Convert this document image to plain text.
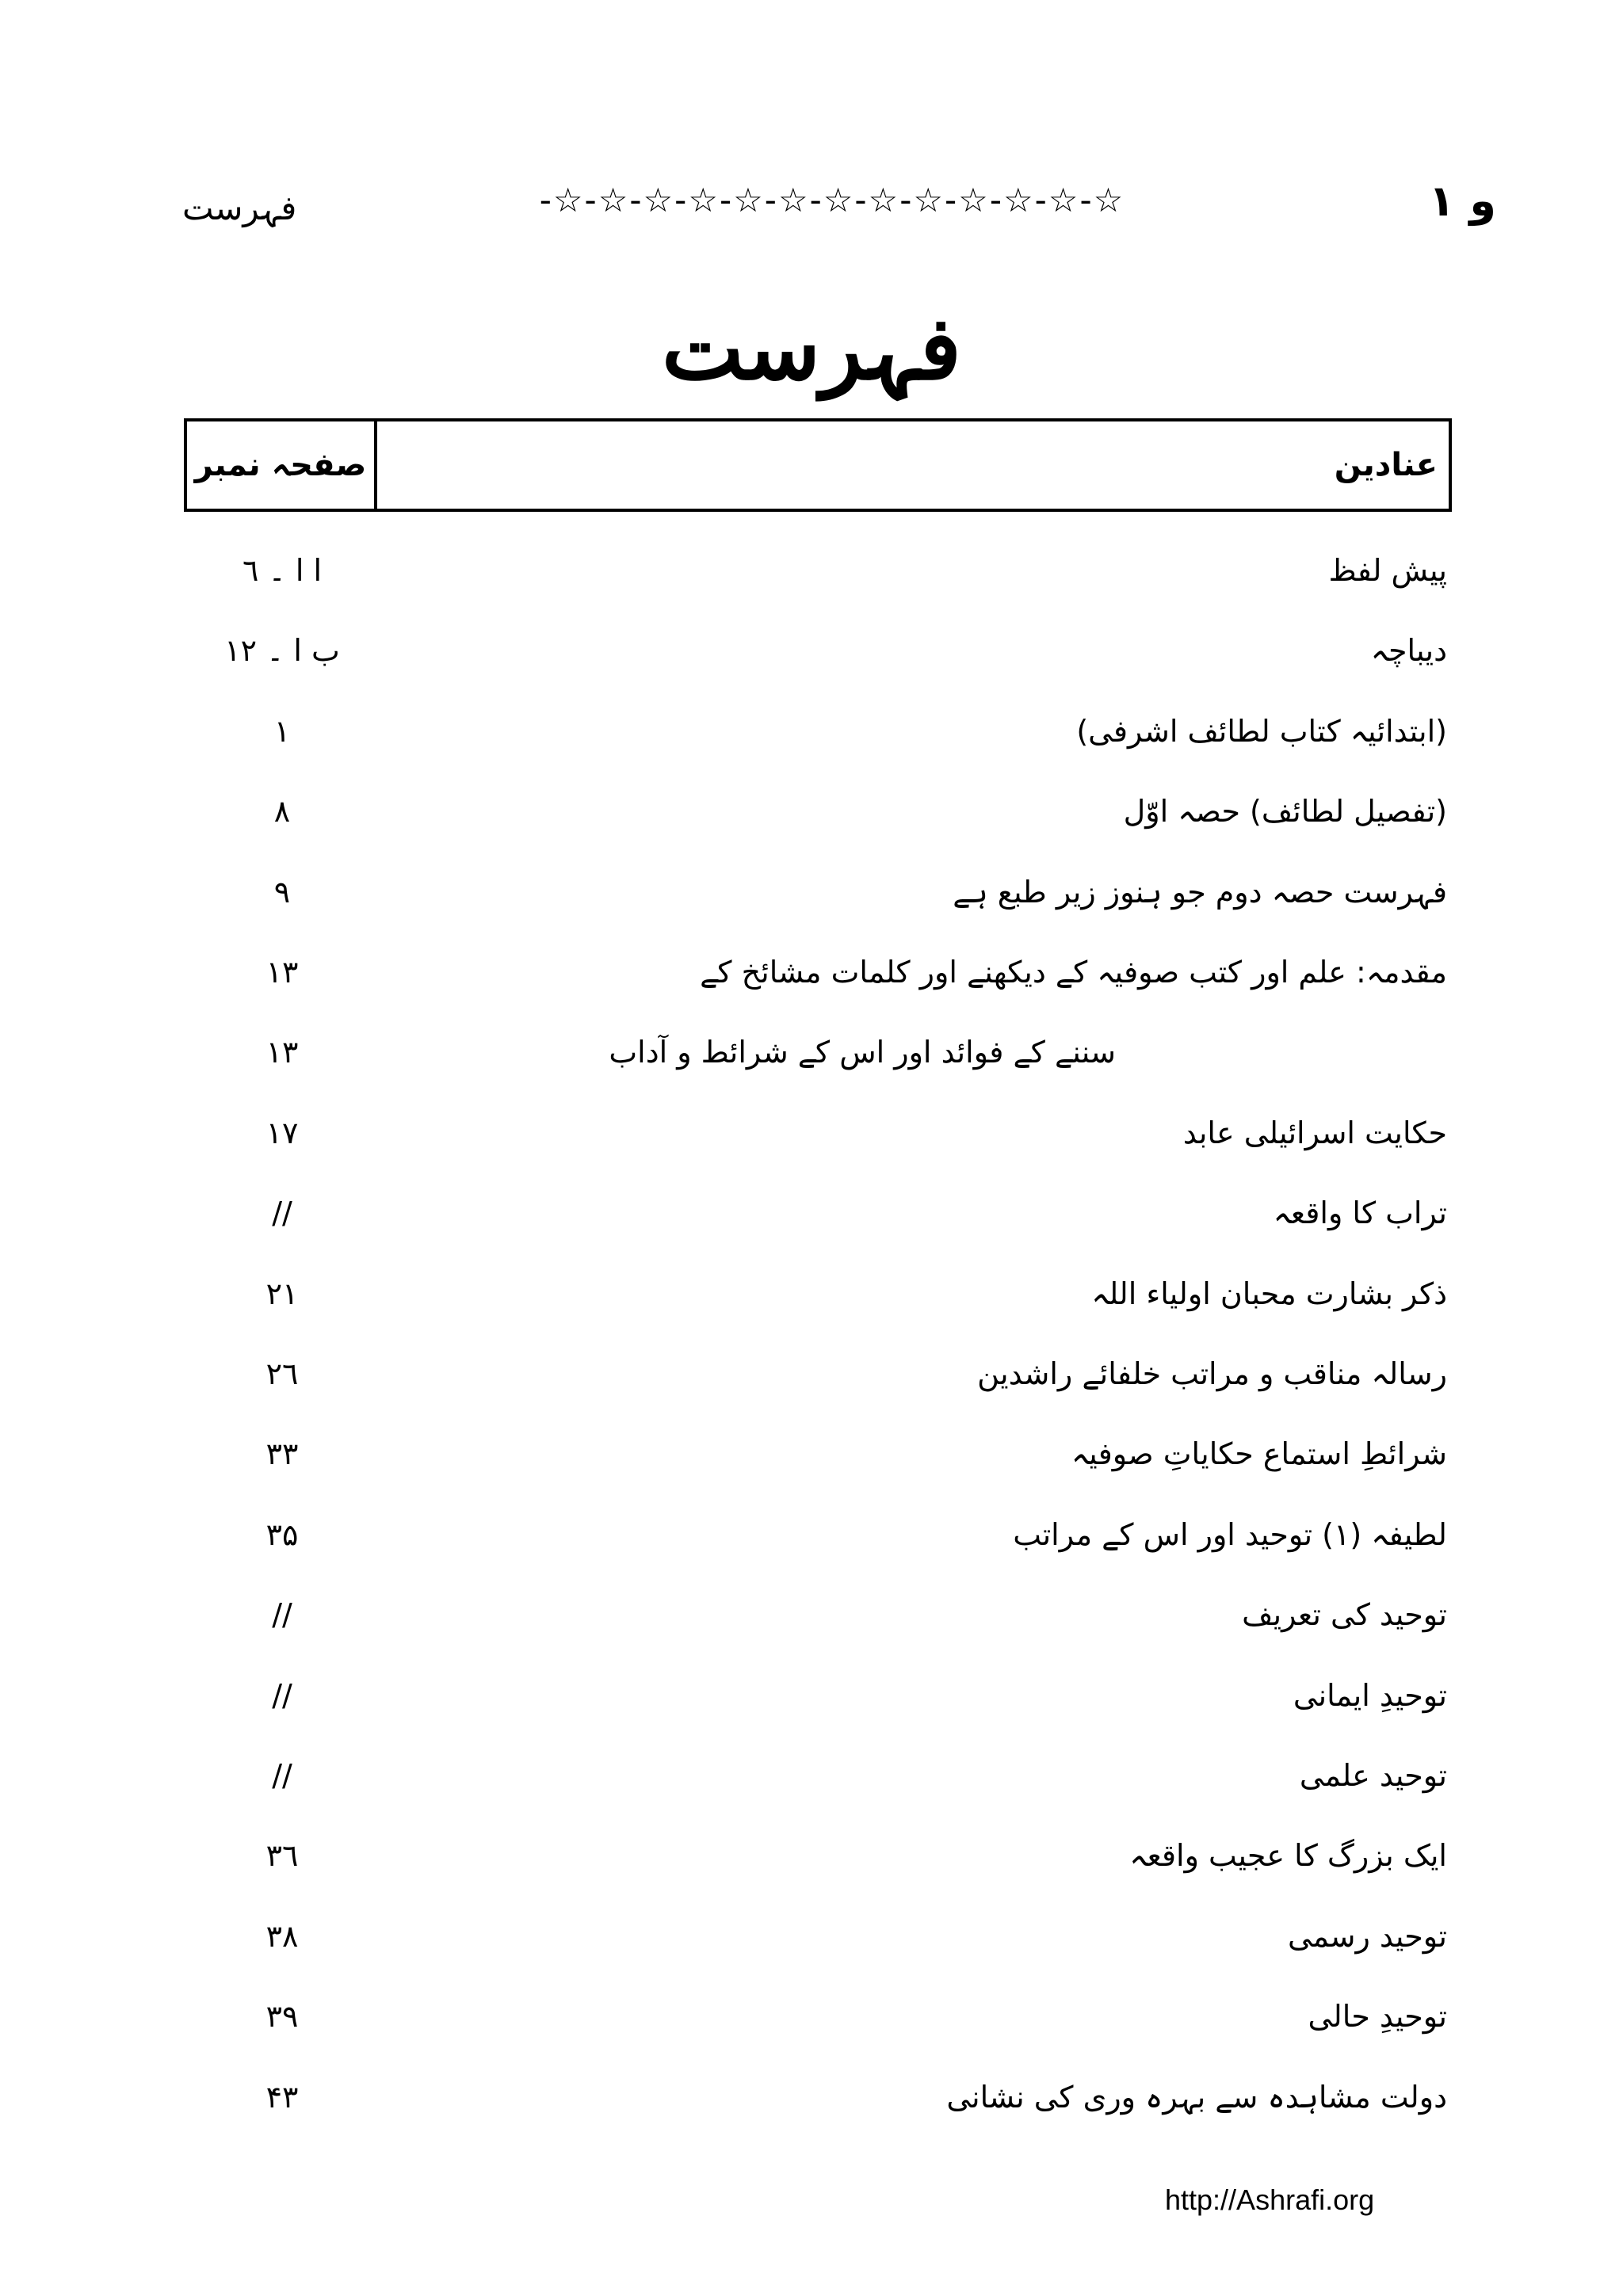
و ۱
-☆-☆-☆-☆-☆-☆-☆-☆-☆-☆-☆-☆-☆
فہرست
فہرست
عنادین
صفحہ نمبر
پیش لفظ
ا ا ۔ ٦
دیباچہ
ب ا ۔ ۱۲
(ابتدائیہ کتاب لطائف اشرفی)
۱
(تفصیل لطائف) حصہ اوّل
۸
فہرست حصہ دوم جو ہنوز زیر طبع ہے
۹
مقدمہ: علم اور کتب صوفیہ کے دیکھنے اور کلمات مشائخ کے
۱۳
سننے کے فوائد اور اس کے شرائط و آداب
۱۳
حکایت اسرائیلی عابد
۱۷
تراب کا واقعہ
//
ذکر بشارت محبان اولیاء اللہ
۲۱
رسالہ مناقب و مراتب خلفائے راشدین
٢٦
شرائطِ استماع حکایاتِ صوفیہ
۳۳
لطیفہ (۱) توحید اور اس کے مراتب
۳۵
توحید کی تعریف
//
توحیدِ ایمانی
//
توحید علمی
//
ایک بزرگ کا عجیب واقعہ
۳٦
توحید رسمی
۳۸
توحیدِ حالی
۳۹
دولت مشاہدہ سے بہرہ وری کی نشانی
۴۳
http://Ashrafi.org
